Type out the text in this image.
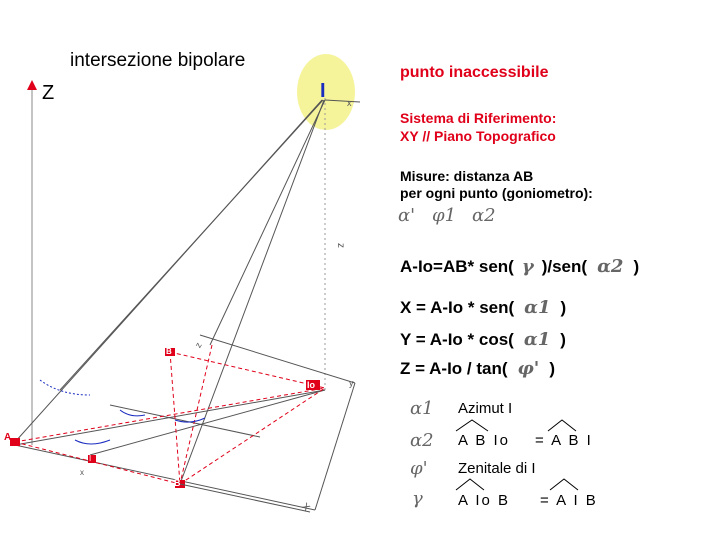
Z	I
x
z
y
X
A
B
Io
B
z
I
x
intersezione bipolare
punto inaccessibile
Sistema di Riferimento:
XY // Piano Topografico
Misure: distanza AB
per ogni punto (goniometro):
α' φ1 α2
A-Io=AB* sen( γ )/sen( α2 )
X = A-Io * sen( α1 )
Y = A-Io * cos( α1 )
Z = A-Io / tan( φ' )
α1 Azimut I
α2 A B Io = A B I
φ' Zenitale di I
γ A Io B = A I B
